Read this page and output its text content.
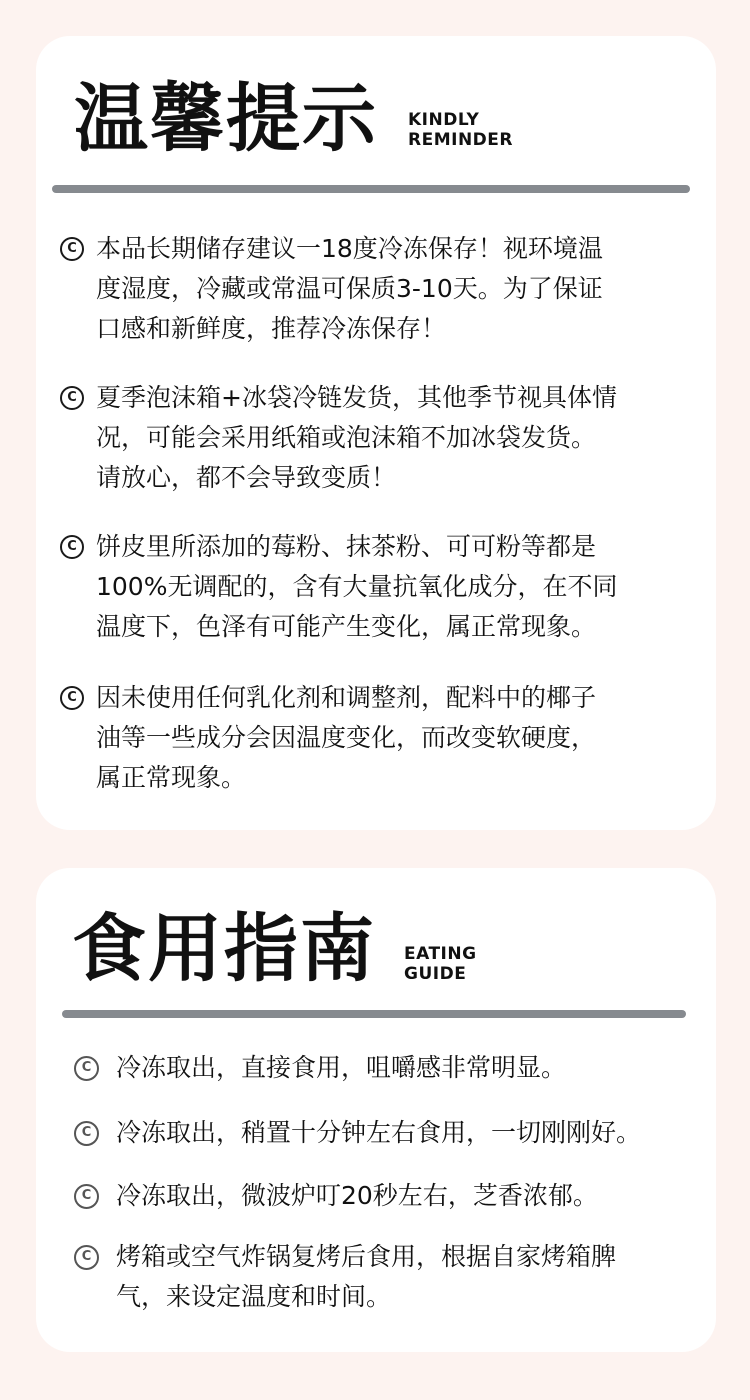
温馨提示 KINDLY
REMINDER
C 本品长期储存建议一18度冷冻保存！视环境温
度湿度，冷藏或常温可保质3-10天。为了保证
口感和新鲜度，推荐冷冻保存！
C 夏季泡沫箱+冰袋冷链发货，其他季节视具体情
况，可能会采用纸箱或泡沫箱不加冰袋发货。
请放心，都不会导致变质！
C 饼皮里所添加的莓粉、抹茶粉、可可粉等都是
100%无调配的，含有大量抗氧化成分，在不同
温度下，色泽有可能产生变化，属正常现象。
C 因未使用任何乳化剂和调整剂，配料中的椰子
油等一些成分会因温度变化，而改变软硬度，
属正常现象。
食用指南 EATING
GUIDE
C 冷冻取出，直接食用，咀嚼感非常明显。
C 冷冻取出，稍置十分钟左右食用，一切刚刚好。
C 冷冻取出，微波炉叮20秒左右，芝香浓郁。
C 烤箱或空气炸锅复烤后食用，根据自家烤箱脾
气，来设定温度和时间。
